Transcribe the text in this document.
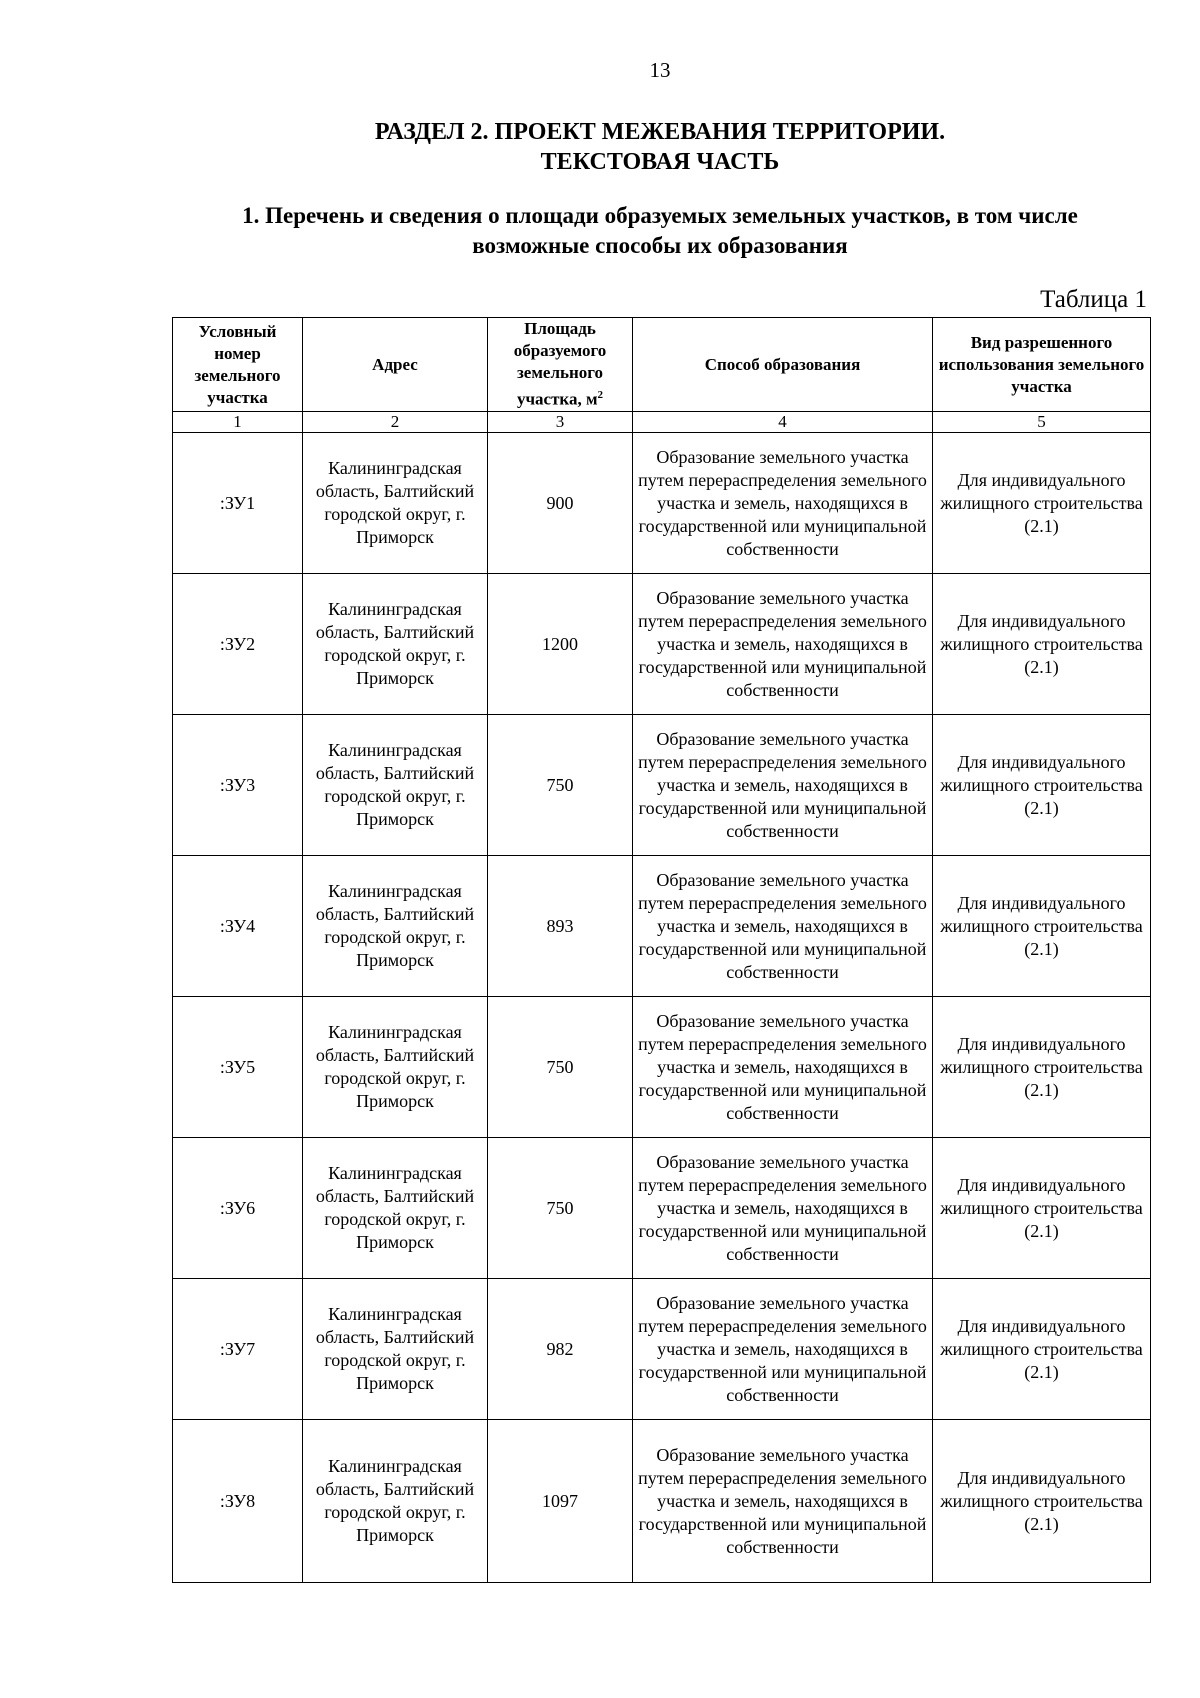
13
РАЗДЕЛ 2. ПРОЕКТ МЕЖЕВАНИЯ ТЕРРИТОРИИ.
ТЕКСТОВАЯ ЧАСТЬ
1. Перечень и сведения о площади образуемых земельных участков, в том числе
возможные способы их образования
Таблица 1
Условный номер земельного участка	Адрес	Площадь образуемого земельного участка, $м^2$	Способ образования	Вид разрешенного использования земельного участка
1	2	3	4	5
:ЗУ1	Калининградская область, Балтийский городской округ, г. Приморск	900	Образование земельного участка путем перераспределения земельного участка и земель, находящихся в государственной или муниципальной собственности	Для индивидуального жилищного строительства (2.1)
:ЗУ2	Калининградская область, Балтийский городской округ, г. Приморск	1200	Образование земельного участка путем перераспределения земельного участка и земель, находящихся в государственной или муниципальной собственности	Для индивидуального жилищного строительства (2.1)
:ЗУ3	Калининградская область, Балтийский городской округ, г. Приморск	750	Образование земельного участка путем перераспределения земельного участка и земель, находящихся в государственной или муниципальной собственности	Для индивидуального жилищного строительства (2.1)
:ЗУ4	Калининградская область, Балтийский городской округ, г. Приморск	893	Образование земельного участка путем перераспределения земельного участка и земель, находящихся в государственной или муниципальной собственности	Для индивидуального жилищного строительства (2.1)
:ЗУ5	Калининградская область, Балтийский городской округ, г. Приморск	750	Образование земельного участка путем перераспределения земельного участка и земель, находящихся в государственной или муниципальной собственности	Для индивидуального жилищного строительства (2.1)
:ЗУ6	Калининградская область, Балтийский городской округ, г. Приморск	750	Образование земельного участка путем перераспределения земельного участка и земель, находящихся в государственной или муниципальной собственности	Для индивидуального жилищного строительства (2.1)
:ЗУ7	Калининградская область, Балтийский городской округ, г. Приморск	982	Образование земельного участка путем перераспределения земельного участка и земель, находящихся в государственной или муниципальной собственности	Для индивидуального жилищного строительства (2.1)
:ЗУ8	Калининградская область, Балтийский городской округ, г. Приморск	1097	Образование земельного участка путем перераспределения земельного участка и земель, находящихся в государственной или муниципальной собственности	Для индивидуального жилищного строительства (2.1)
